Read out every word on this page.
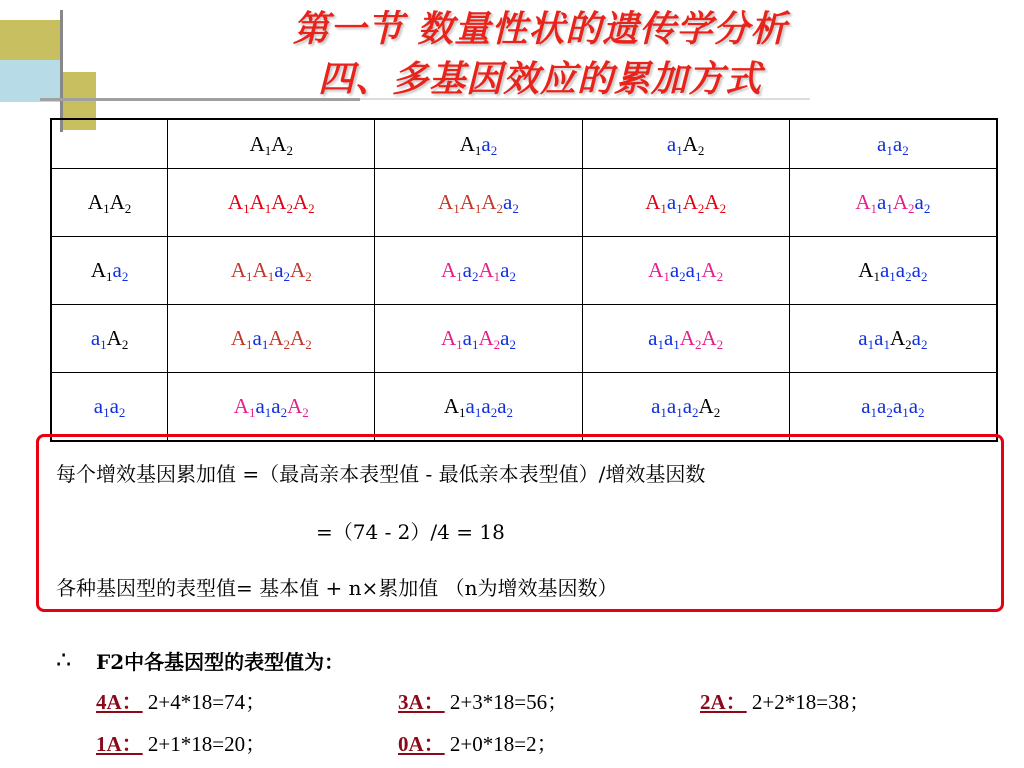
第一节 数量性状的遗传学分析
四、多基因效应的累加方式
	$A_1A_2$	$A_1a_2$	$a_1A_2$	$a_1a_2$
$A_1A_2$	$A_1A_1A_2A_2$	$A_1A_1A_2a_2$	$A_1a_1A_2A_2$	$A_1a_1A_2a_2$
$A_1a_2$	$A_1A_1a_2A_2$	$A_1a_2A_1a_2$	$A_1a_2a_1A_2$	$A_1a_1a_2a_2$
$a_1A_2$	$A_1a_1A_2A_2$	$A_1a_1A_2a_2$	$a_1a_1A_2A_2$	$a_1a_1A_2a_2$
$a_1a_2$	$A_1a_1a_2A_2$	$A_1a_1a_2a_2$	$a_1a_1a_2A_2$	$a_1a_2a_1a_2$
每个增效基因累加值 =（最高亲本表型值 - 最低亲本表型值）/增效基因数
=（74 - 2）/4 = 18
各种基因型的表型值= 基本值 + n×累加值 （n为增效基因数）
∴ F2中各基因型的表型值为：
4A： 2+4*18=74；	3A： 2+3*18=56；	2A： 2+2*18=38；
1A： 2+1*18=20；	0A： 2+0*18=2；
